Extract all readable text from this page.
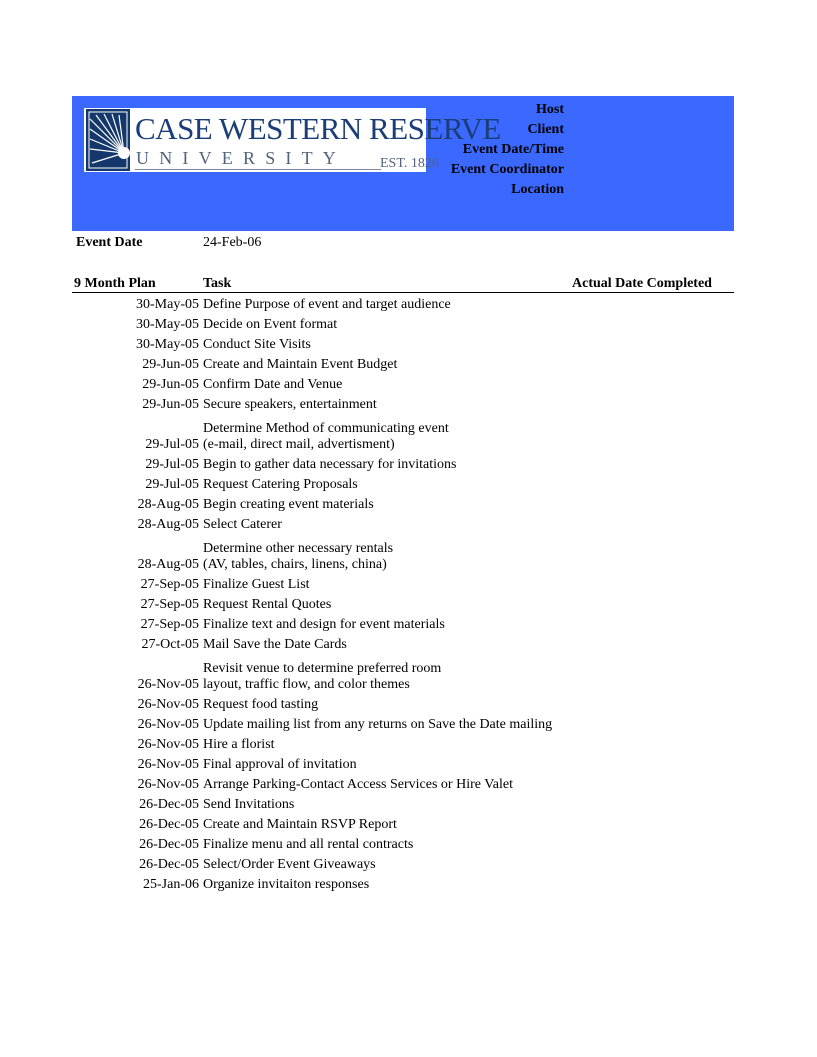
CASE WESTERN RESERVE
UNIVERSITY EST. 1826
Host
Client
Event Date/Time
Event Coordinator
Location
Event Date	24-Feb-06
9 Month Plan	Task	Actual Date Completed
30-May-05 Define Purpose of event and target audience
30-May-05 Decide on Event format
30-May-05 Conduct Site Visits
29-Jun-05 Create and Maintain Event Budget
29-Jun-05 Confirm Date and Venue
29-Jun-05 Secure speakers, entertainment
29-Jul-05
Determine Method of communicating event
(e-mail, direct mail, advertisment)
29-Jul-05 Begin to gather data necessary for invitations
29-Jul-05 Request Catering Proposals
28-Aug-05 Begin creating event materials
28-Aug-05 Select Caterer
28-Aug-05
Determine other necessary rentals
(AV, tables, chairs, linens, china)
27-Sep-05 Finalize Guest List
27-Sep-05 Request Rental Quotes
27-Sep-05 Finalize text and design for event materials
27-Oct-05 Mail Save the Date Cards
26-Nov-05
Revisit venue to determine preferred room
layout, traffic flow, and color themes
26-Nov-05 Request food tasting
26-Nov-05 Update mailing list from any returns on Save the Date mailing
26-Nov-05 Hire a florist
26-Nov-05 Final approval of invitation
26-Nov-05 Arrange Parking-Contact Access Services or Hire Valet
26-Dec-05 Send Invitations
26-Dec-05 Create and Maintain RSVP Report
26-Dec-05 Finalize menu and all rental contracts
26-Dec-05 Select/Order Event Giveaways
25-Jan-06 Organize invitaiton responses
